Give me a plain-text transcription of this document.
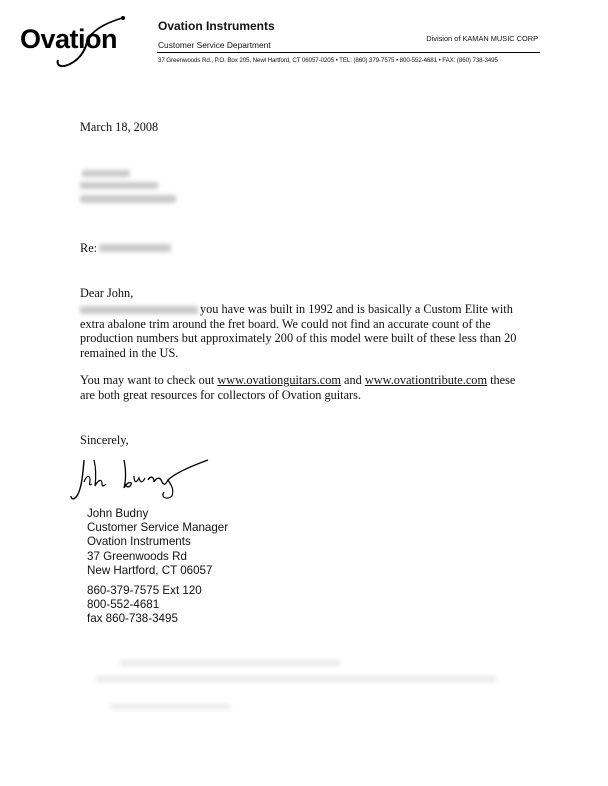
Ovation	Ovation Instruments
Customer Service Department
Division of KAMAN MUSIC CORP
37 Greenwoods Rd., P.O. Box 205, Newl Hartford, CT 06057-0205 • TEL: (860) 379-7575 • 800-552-4681 • FAX: (860) 738-3495
March 18, 2008
Re:
Dear John,
you have was built in 1992 and is basically a Custom Elite with extra abalone trim around the fret board. We could not find an accurate count of the production numbers but approximately 200 of this model were built of these less than 20 remained in the US.
You may want to check out www.ovationguitars.com and www.ovationtribute.com these are both great resources for collectors of Ovation guitars.
Sincerely,
John Budny
Customer Service Manager
Ovation Instruments
37 Greenwoods Rd
New Hartford, CT 06057
860-379-7575 Ext 120
800-552-4681
fax 860-738-3495
